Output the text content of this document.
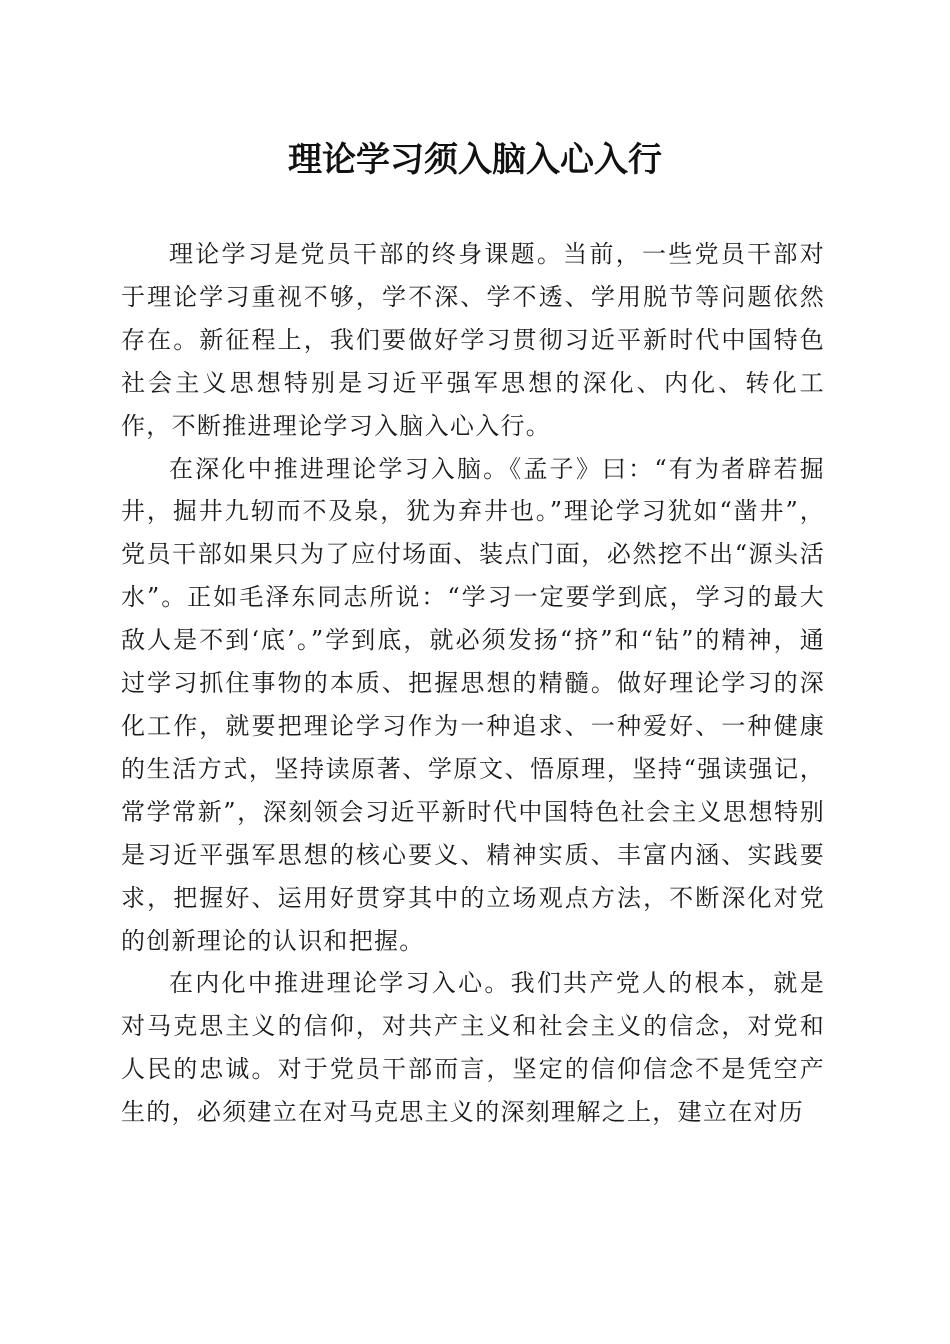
理论学习须入脑入心入行

理论学习是党员干部的终身课题。当前，一些党员干部对于理论学习重视不够，学不深、学不透、学用脱节等问题依然存在。新征程上，我们要做好学习贯彻习近平新时代中国特色社会主义思想特别是习近平强军思想的深化、内化、转化工作，不断推进理论学习入脑入心入行。

在深化中推进理论学习入脑。《孟子》曰：“有为者辟若掘井，掘井九轫而不及泉，犹为弃井也。”理论学习犹如“凿井”，党员干部如果只为了应付场面、装点门面，必然挖不出“源头活水”。正如毛泽东同志所说：“学习一定要学到底，学习的最大敌人是不到‘底’。”学到底，就必须发扬“挤”和“钻”的精神，通过学习抓住事物的本质、把握思想的精髓。做好理论学习的深化工作，就要把理论学习作为一种追求、一种爱好、一种健康的生活方式，坚持读原著、学原文、悟原理，坚持“强读强记，常学常新”，深刻领会习近平新时代中国特色社会主义思想特别是习近平强军思想的核心要义、精神实质、丰富内涵、实践要求，把握好、运用好贯穿其中的立场观点方法，不断深化对党的创新理论的认识和把握。

在内化中推进理论学习入心。我们共产党人的根本，就是对马克思主义的信仰，对共产主义和社会主义的信念，对党和人民的忠诚。对于党员干部而言，坚定的信仰信念不是凭空产生的，必须建立在对马克思主义的深刻理解之上，建立在对历
